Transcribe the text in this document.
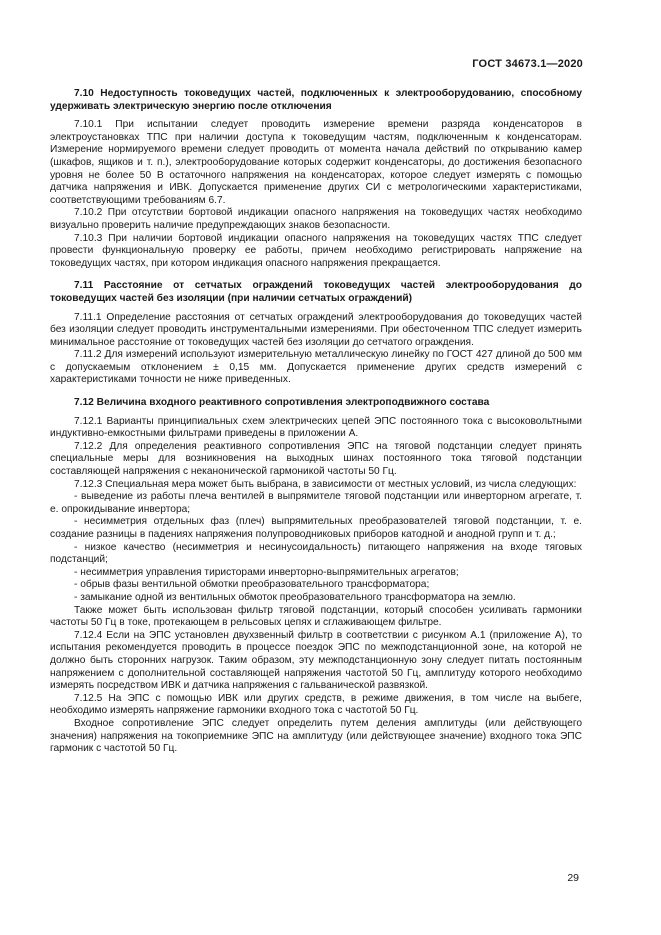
ГОСТ 34673.1—2020

7.10 Недоступность токоведущих частей, подключенных к электрооборудованию, способному удерживать электрическую энергию после отключения

7.10.1 При испытании следует проводить измерение времени разряда конденсаторов в электроустановках ТПС при наличии доступа к токоведущим частям, подключенным к конденсаторам. Измерение нормируемого времени следует проводить от момента начала действий по открыванию камер (шкафов, ящиков и т. п.), электрооборудование которых содержит конденсаторы, до достижения безопасного уровня не более 50 В остаточного напряжения на конденсаторах, которое следует измерять с помощью датчика напряжения и ИВК. Допускается применение других СИ с метрологическими характеристиками, соответствующими требованиям 6.7.

7.10.2 При отсутствии бортовой индикации опасного напряжения на токоведущих частях необходимо визуально проверить наличие предупреждающих знаков безопасности.

7.10.3 При наличии бортовой индикации опасного напряжения на токоведущих частях ТПС следует провести функциональную проверку ее работы, причем необходимо регистрировать напряжение на токоведущих частях, при котором индикация опасного напряжения прекращается.

7.11 Расстояние от сетчатых ограждений токоведущих частей электрооборудования до токоведущих частей без изоляции (при наличии сетчатых ограждений)

7.11.1 Определение расстояния от сетчатых ограждений электрооборудования до токоведущих частей без изоляции следует проводить инструментальными измерениями. При обесточенном ТПС следует измерить минимальное расстояние от токоведущих частей без изоляции до сетчатого ограждения.

7.11.2 Для измерений используют измерительную металлическую линейку по ГОСТ 427 длиной до 500 мм с допускаемым отклонением ± 0,15 мм. Допускается применение других средств измерений с характеристиками точности не ниже приведенных.

7.12 Величина входного реактивного сопротивления электроподвижного состава

7.12.1 Варианты принципиальных схем электрических цепей ЭПС постоянного тока с высоковольтными индуктивно-емкостными фильтрами приведены в приложении А.

7.12.2 Для определения реактивного сопротивления ЭПС на тяговой подстанции следует принять специальные меры для возникновения на выходных шинах постоянного тока тяговой подстанции составляющей напряжения с неканонической гармоникой частоты 50 Гц.

7.12.3 Специальная мера может быть выбрана, в зависимости от местных условий, из числа следующих:

- выведение из работы плеча вентилей в выпрямителе тяговой подстанции или инверторном агрегате, т. е. опрокидывание инвертора;

- несимметрия отдельных фаз (плеч) выпрямительных преобразователей тяговой подстанции, т. е. создание разницы в падениях напряжения полупроводниковых приборов катодной и анодной групп и т. д.;

- низкое качество (несимметрия и несинусоидальность) питающего напряжения на входе тяговых подстанций;

- несимметрия управления тиристорами инверторно-выпрямительных агрегатов;

- обрыв фазы вентильной обмотки преобразовательного трансформатора;

- замыкание одной из вентильных обмоток преобразовательного трансформатора на землю.

Также может быть использован фильтр тяговой подстанции, который способен усиливать гармоники частоты 50 Гц в токе, протекающем в рельсовых цепях и сглаживающем фильтре.

7.12.4 Если на ЭПС установлен двухзвенный фильтр в соответствии с рисунком А.1 (приложение А), то испытания рекомендуется проводить в процессе поездок ЭПС по межподстанционной зоне, на которой не должно быть сторонних нагрузок. Таким образом, эту межподстанционную зону следует питать постоянным напряжением с дополнительной составляющей напряжения частотой 50 Гц, амплитуду которого необходимо измерять посредством ИВК и датчика напряжения с гальванической развязкой.

7.12.5 На ЭПС с помощью ИВК или других средств, в режиме движения, в том числе на выбеге, необходимо измерять напряжение гармоники входного тока с частотой 50 Гц.

Входное сопротивление ЭПС следует определить путем деления амплитуды (или действующего значения) напряжения на токоприемнике ЭПС на амплитуду (или действующее значение) входного тока ЭПС гармоник с частотой 50 Гц.

29
